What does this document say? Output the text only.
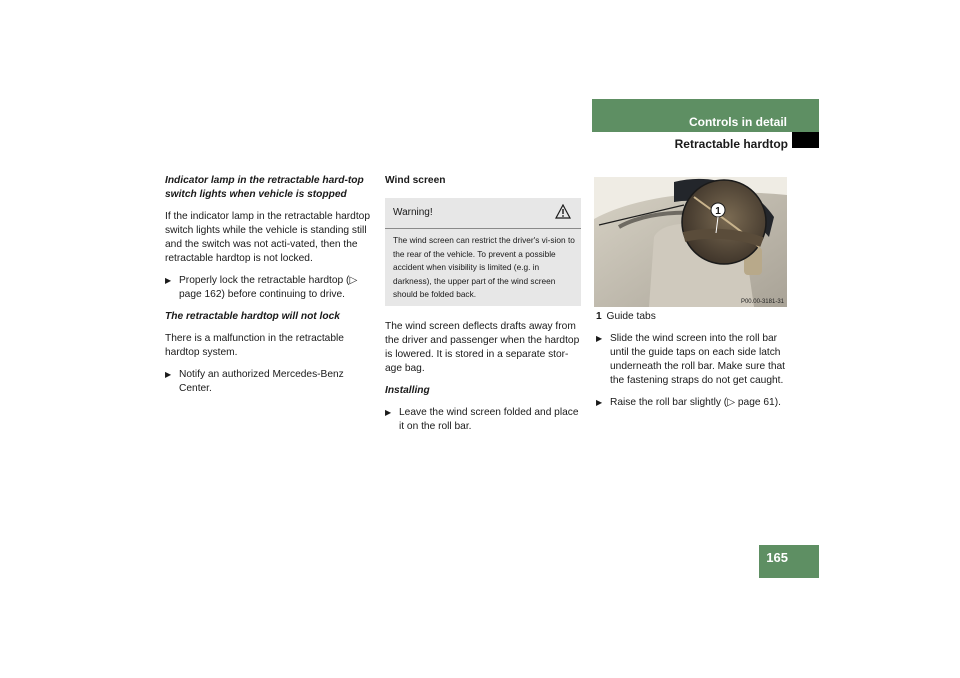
Controls in detail
Retractable hardtop

Indicator lamp in the retractable hard-top switch lights when vehicle is stopped

If the indicator lamp in the retractable hardtop switch lights while the vehicle is standing still and the switch was not acti-vated, then the retractable hardtop is not locked.

▶ Properly lock the retractable hardtop (▷ page 162) before continuing to drive.

The retractable hardtop will not lock

There is a malfunction in the retractable hardtop system.

▶ Notify an authorized Mercedes-Benz Center.

Wind screen

Warning!
The wind screen can restrict the driver's vi-sion to the rear of the vehicle. To prevent a possible accident when visibility is limited (e.g. in darkness), the upper part of the wind screen should be folded back.

The wind screen deflects drafts away from the driver and passenger when the hardtop is lowered. It is stored in a separate stor-age bag.

Installing

▶ Leave the wind screen folded and place it on the roll bar.
1
P00.00-3181-31

1 Guide tabs

▶ Slide the wind screen into the roll bar until the guide taps on each side latch underneath the roll bar. Make sure that the fastening straps do not get caught.
▶ Raise the roll bar slightly (▷ page 61).
165
